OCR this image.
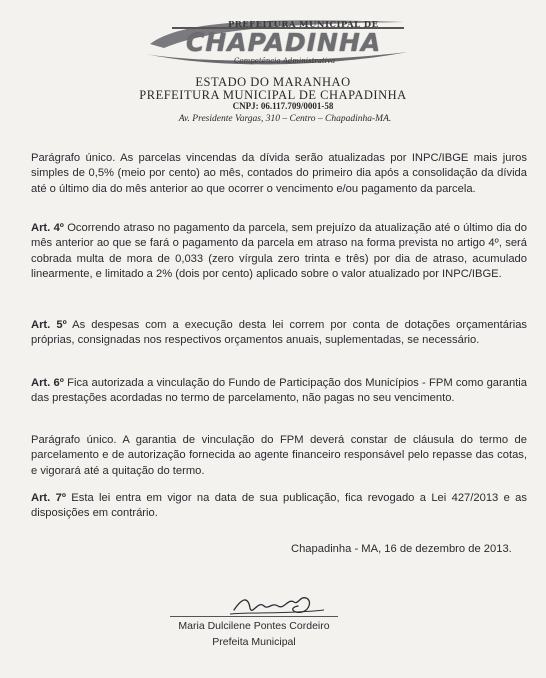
PREFEITURA MUNICIPAL DE
CHAPADINHA
Competência Administrativa
ESTADO DO MARANHAO
PREFEITURA MUNICIPAL DE CHAPADINHA
CNPJ: 06.117.709/0001-58
Av. Presidente Vargas, 310 – Centro – Chapadinha-MA.

Parágrafo único. As parcelas vincendas da dívida serão atualizadas por INPC/IBGE mais juros simples de 0,5% (meio por cento) ao mês, contados do primeiro dia após a consolidação da dívida até o último dia do mês anterior ao que ocorrer o vencimento e/ou pagamento da parcela.

Art. 4º Ocorrendo atraso no pagamento da parcela, sem prejuízo da atualização até o último dia do mês anterior ao que se fará o pagamento da parcela em atraso na forma prevista no artigo 4º, será cobrada multa de mora de 0,033 (zero vírgula zero trinta e três) por dia de atraso, acumulado linearmente, e limitado a 2% (dois por cento) aplicado sobre o valor atualizado por INPC/IBGE.

Art. 5º As despesas com a execução desta lei correm por conta de dotações orçamentárias próprias, consignadas nos respectivos orçamentos anuais, suplementadas, se necessário.

Art. 6º Fica autorizada a vinculação do Fundo de Participação dos Municípios - FPM como garantia das prestações acordadas no termo de parcelamento, não pagas no seu vencimento.

Parágrafo único. A garantia de vinculação do FPM deverá constar de cláusula do termo de parcelamento e de autorização fornecida ao agente financeiro responsável pelo repasse das cotas, e vigorará até a quitação do termo.

Art. 7º Esta lei entra em vigor na data de sua publicação, fica revogado a Lei 427/2013 e as disposições em contrário.

Chapadinha - MA, 16 de dezembro de 2013.
Maria Dulcilene Pontes Cordeiro
Prefeita Municipal
